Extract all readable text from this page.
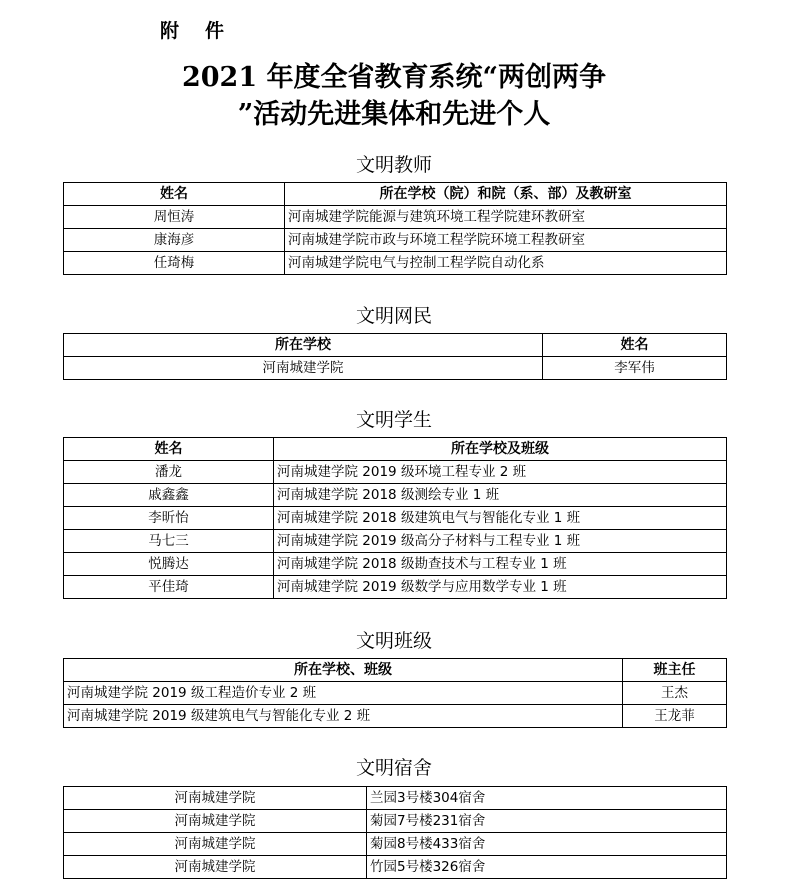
附件
2021 年度全省教育系统“两创两争
”活动先进集体和先进个人
文明教师
姓名	所在学校（院）和院（系、部）及教研室
周恒涛	河南城建学院能源与建筑环境工程学院建环教研室
康海彦	河南城建学院市政与环境工程学院环境工程教研室
任琦梅	河南城建学院电气与控制工程学院自动化系
文明网民
所在学校	姓名
河南城建学院	李军伟
文明学生
姓名	所在学校及班级
潘龙	河南城建学院 2019 级环境工程专业 2 班
戚鑫鑫	河南城建学院 2018 级测绘专业 1 班
李昕怡	河南城建学院 2018 级建筑电气与智能化专业 1 班
马七三	河南城建学院 2019 级高分子材料与工程专业 1 班
悦腾达	河南城建学院 2018 级勘查技术与工程专业 1 班
平佳琦	河南城建学院 2019 级数学与应用数学专业 1 班
文明班级
所在学校、班级	班主任
河南城建学院 2019 级工程造价专业 2 班	王杰
河南城建学院 2019 级建筑电气与智能化专业 2 班	王龙菲
文明宿舍
河南城建学院	兰园3号楼304宿舍
河南城建学院	菊园7号楼231宿舍
河南城建学院	菊园8号楼433宿舍
河南城建学院	竹园5号楼326宿舍
